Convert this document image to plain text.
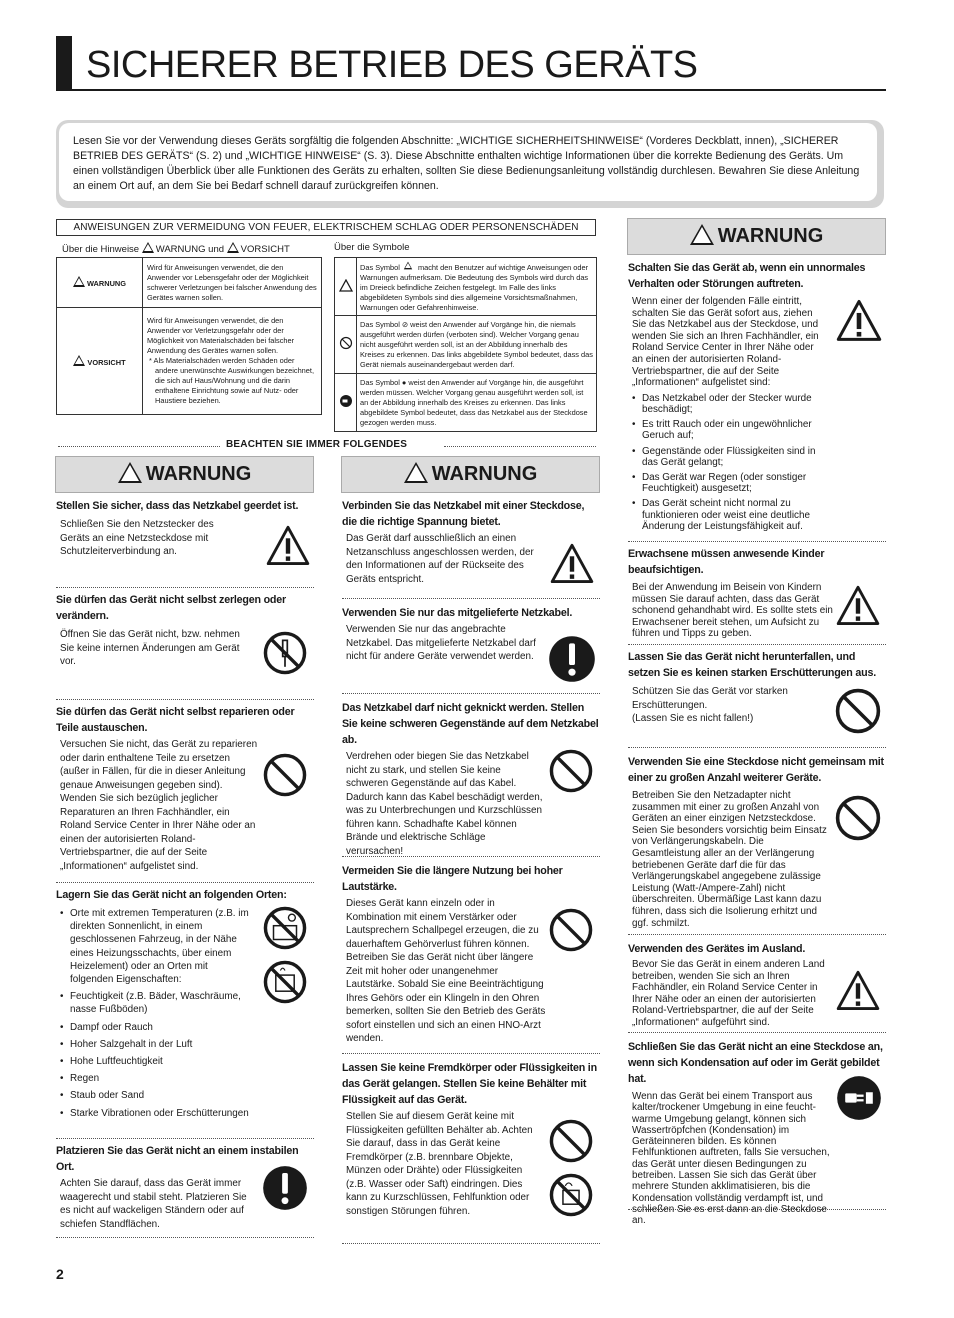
SICHERER BETRIEB DES GERÄTS
Lesen Sie vor der Verwendung dieses Geräts sorgfältig die folgenden Abschnitte: „WICHTIGE SICHERHEITSHINWEISE“ (Vorderes Deckblatt, innen), „SICHERER BETRIEB DES GERÄTS“ (S. 2) und „WICHTIGE HINWEISE“ (S. 3). Diese Abschnitte enthalten wichtige Informationen über die korrekte Bedienung des Geräts. Um einen vollständigen Überblick über alle Funktionen des Geräts zu erhalten, sollten Sie diese Bedienungsanleitung vollständig durchlesen. Bewahren Sie diese Anleitung an einem Ort auf, an dem Sie bei Bedarf schnell darauf zurückgreifen können.
ANWEISUNGEN ZUR VERMEIDUNG VON FEUER, ELEKTRISCHEM SCHLAG ODER PERSONENSCHÄDEN
Über die Hinweise WARNUNG und VORSICHT	Über die Symbole
WARNUNG	Wird für Anweisungen verwendet, die den Anwender vor Lebensgefahr oder der Möglichkeit schwerer Verletzungen bei falscher Anwendung des Gerätes warnen sollen.
VORSICHT	Wird für Anweisungen verwendet, die den Anwender vor Verletzungsgefahr oder der Möglichkeit von Materialschäden bei falscher Anwendung des Gerätes warnen sollen.
* Als Materialschäden werden Schäden oder andere unerwünschte Auswirkungen bezeichnet, die sich auf Haus/Wohnung und die darin enthaltene Einrichtung sowie auf Nutz- oder Haustiere beziehen.
	Das Symbol macht den Benutzer auf wichtige Anweisungen oder Warnungen aufmerksam. Die Bedeutung des Symbols wird durch das im Dreieck befindliche Zeichen festgelegt. Im Falle des links abgebildeten Symbols sind dies allgemeine Vorsichtsmaßnahmen, Warnungen oder Gefahrenhinweise.
	Das Symbol ⊘ weist den Anwender auf Vorgänge hin, die niemals ausgeführt werden dürfen (verboten sind). Welcher Vorgang genau nicht ausgeführt werden soll, ist an der Abbildung innerhalb des Kreises zu erkennen. Das links abgebildete Symbol bedeutet, dass das Gerät niemals auseinandergebaut werden darf.
	Das Symbol ● weist den Anwender auf Vorgänge hin, die ausgeführt werden müssen. Welcher Vorgang genau ausgeführt werden soll, ist an der Abbildung innerhalb des Kreises zu erkennen. Das links abgebildete Symbol bedeutet, dass das Netzkabel aus der Steckdose gezogen werden muss.
BEACHTEN SIE IMMER FOLGENDES
!WARNUNG !	WARNUNG
!WARNUNG
Stellen Sie sicher, dass das Netzkabel geerdet ist.
Schließen Sie den Netzstecker des Geräts an eine Netzsteckdose mit Schutzleiterverbindung an.
Sie dürfen das Gerät nicht selbst zerlegen oder verändern.
Öffnen Sie das Gerät nicht, bzw. nehmen Sie keine internen Änderungen am Gerät vor.
Sie dürfen das Gerät nicht selbst reparieren oder Teile austauschen.
Versuchen Sie nicht, das Gerät zu reparieren oder darin enthaltene Teile zu ersetzen (außer in Fällen, für die in dieser Anleitung genaue Anweisungen gegeben sind). Wenden Sie sich bezüglich jeglicher Reparaturen an Ihren Fachhändler, ein Roland Service Center in Ihrer Nähe oder an einen der autorisierten Roland-Vertriebspartner, die auf der Seite „Informationen“ aufgelistet sind.
Lagern Sie das Gerät nicht an folgenden Orten:
• Orte mit extremen Temperaturen (z.B. im direkten Sonnenlicht, in einem geschlossenen Fahrzeug, in der Nähe eines Heizungsschachts, über einem Heizelement) oder an Orten mit folgenden Eigenschaften:
• Feuchtigkeit (z.B. Bäder, Waschräume, nasse Fußböden)
• Dampf oder Rauch
• Hoher Salzgehalt in der Luft
• Hohe Luftfeuchtigkeit
• Regen
• Staub oder Sand
• Starke Vibrationen oder Erschütterungen
Platzieren Sie das Gerät nicht an einem instabilen Ort.
Achten Sie darauf, dass das Gerät immer waagerecht und stabil steht. Platzieren Sie es nicht auf wackeligen Ständern oder auf schiefen Standflächen.
Verbinden Sie das Netzkabel mit einer Steckdose, die die richtige Spannung bietet.
Das Gerät darf ausschließlich an einen Netzanschluss angeschlossen werden, der den Informationen auf der Rückseite des Geräts entspricht.
Verwenden Sie nur das mitgelieferte Netzkabel.
Verwenden Sie nur das angebrachte Netzkabel. Das mitgelieferte Netzkabel darf nicht für andere Geräte verwendet werden.
Das Netzkabel darf nicht geknickt werden. Stellen Sie keine schweren Gegenstände auf dem Netzkabel ab.
Verdrehen oder biegen Sie das Netzkabel nicht zu stark, und stellen Sie keine schweren Gegenstände auf das Kabel. Dadurch kann das Kabel beschädigt werden, was zu Unterbrechungen und Kurzschlüssen führen kann. Schadhafte Kabel können Brände und elektrische Schläge verursachen!
Vermeiden Sie die längere Nutzung bei hoher Lautstärke.
Dieses Gerät kann einzeln oder in Kombination mit einem Verstärker oder Lautsprechern Schallpegel erzeugen, die zu dauerhaftem Gehörverlust führen können. Betreiben Sie das Gerät nicht über längere Zeit mit hoher oder unangenehmer Lautstärke. Sobald Sie eine Beeinträchtigung Ihres Gehörs oder ein Klingeln in den Ohren bemerken, sollten Sie den Betrieb des Geräts sofort einstellen und sich an einen HNO-Arzt wenden.
Lassen Sie keine Fremdkörper oder Flüssigkeiten in das Gerät gelangen. Stellen Sie keine Behälter mit Flüssigkeit auf das Gerät.
Stellen Sie auf diesem Gerät keine mit Flüssigkeiten gefüllten Behälter ab. Achten Sie darauf, dass in das Gerät keine Fremdkörper (z.B. brennbare Objekte, Münzen oder Drähte) oder Flüssigkeiten (z.B. Wasser oder Saft) eindringen. Dies kann zu Kurzschlüssen, Fehlfunktion oder sonstigen Störungen führen.
Schalten Sie das Gerät ab, wenn ein unnormales Verhalten oder Störungen auftreten.
Wenn einer der folgenden Fälle eintritt, schalten Sie das Gerät sofort aus, ziehen Sie das Netzkabel aus der Steckdose, und wenden Sie sich an Ihren Fachhändler, ein Roland Service Center in Ihrer Nähe oder an einen der autorisierten Roland-Vertriebspartner, die auf der Seite „Informationen“ aufgelistet sind:
• Das Netzkabel oder der Stecker wurde beschädigt;
• Es tritt Rauch oder ein ungewöhnlicher Geruch auf;
• Gegenstände oder Flüssigkeiten sind in das Gerät gelangt;
• Das Gerät war Regen (oder sonstiger Feuchtigkeit) ausgesetzt;
• Das Gerät scheint nicht normal zu funktionieren oder weist eine deutliche Änderung der Leistungsfähigkeit auf.
Erwachsene müssen anwesende Kinder beaufsichtigen.
Bei der Anwendung im Beisein von Kindern müssen Sie darauf achten, dass das Gerät schonend gehandhabt wird. Es sollte stets ein Erwachsener bereit stehen, um Aufsicht zu führen und Tipps zu geben.
Lassen Sie das Gerät nicht herunterfallen, und setzen Sie es keinen starken Erschütterungen aus.
Schützen Sie das Gerät vor starken Erschütterungen.
(Lassen Sie es nicht fallen!)
Verwenden Sie eine Steckdose nicht gemeinsam mit einer zu großen Anzahl weiterer Geräte.
Betreiben Sie den Netzadapter nicht zusammen mit einer zu großen Anzahl von Geräten an einer einzigen Netzsteckdose. Seien Sie besonders vorsichtig beim Einsatz von Verlängerungskabeln. Die Gesamtleistung aller an der Verlängerung betriebenen Geräte darf die für das Verlängerungskabel angegebene zulässige Leistung (Watt-/Ampere-Zahl) nicht überschreiten. Übermäßige Last kann dazu führen, dass sich die Isolierung erhitzt und ggf. schmilzt.
Verwenden des Gerätes im Ausland.
Bevor Sie das Gerät in einem anderen Land betreiben, wenden Sie sich an Ihren Fachhändler, ein Roland Service Center in Ihrer Nähe oder an einen der autorisierten Roland-Vertriebspartner, die auf der Seite „Informationen“ aufgeführt sind.
Schließen Sie das Gerät nicht an eine Steckdose an, wenn sich Kondensation auf oder im Gerät gebildet hat.
Wenn das Gerät bei einem Transport aus kalter/trockener Umgebung in eine feucht-warme Umgebung gelangt, können sich Wassertröpfchen (Kondensation) im Geräteinneren bilden. Es können Fehlfunktionen auftreten, falls Sie versuchen, das Gerät unter diesen Bedingungen zu betreiben. Lassen Sie sich das Gerät über mehrere Stunden akklimatisieren, bis die Kondensation vollständig verdampft ist, und schließen Sie es erst dann an die Steckdose an.
2
